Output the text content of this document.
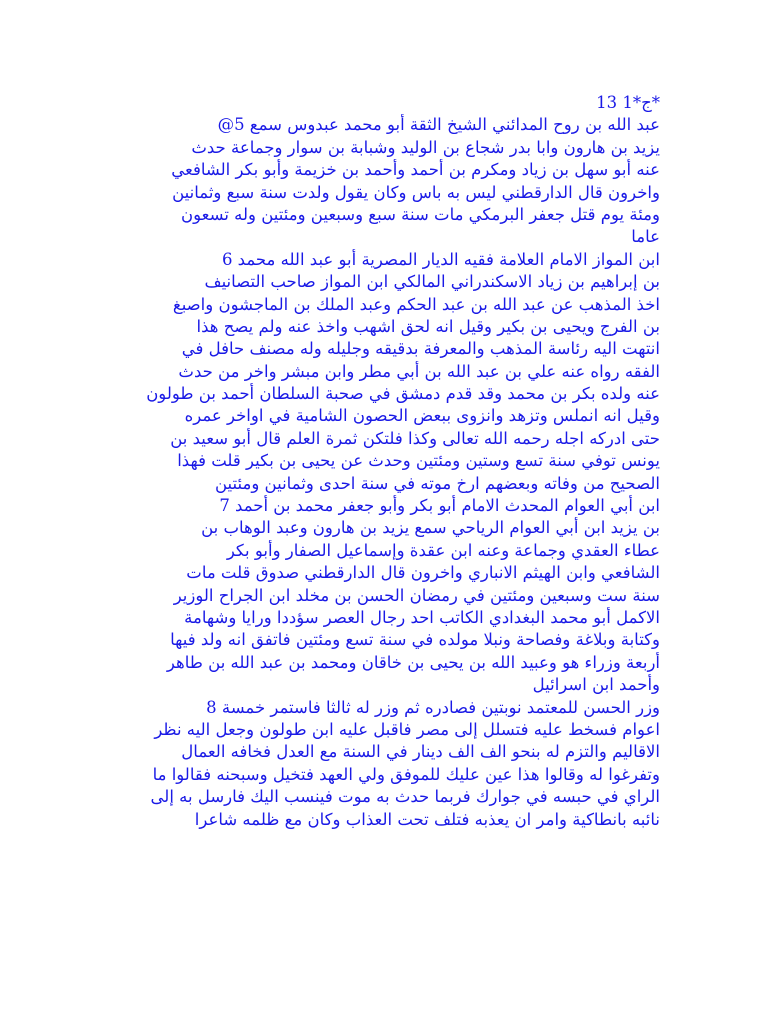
13 ج*1*
عبد الله بن روح المدائني الشيخ الثقة أبو محمد عبدوس سمع 5@
يزيد بن هارون وابا بدر شجاع بن الوليد وشبابة بن سوار وجماعة حدث
عنه أبو سهل بن زياد ومكرم بن أحمد وأحمد بن خزيمة وأبو بكر الشافعي
واخرون قال الدارقطني ليس به باس وكان يقول ولدت سنة سبع وثمانين
ومئة يوم قتل جعفر البرمكي مات سنة سبع وسبعين ومئتين وله تسعون
عاما
ابن المواز الامام العلامة فقيه الديار المصرية أبو عبد الله محمد 6
بن إبراهيم بن زياد الاسكندراني المالكي ابن المواز صاحب التصانيف
اخذ المذهب عن عبد الله بن عبد الحكم وعبد الملك بن الماجشون واصبغ
بن الفرج ويحيى بن بكير وقيل انه لحق اشهب واخذ عنه ولم يصح هذا
انتهت اليه رئاسة المذهب والمعرفة بدقيقه وجليله وله مصنف حافل في
الفقه رواه عنه علي بن عبد الله بن أبي مطر وابن مبشر واخر من حدث
عنه ولده بكر بن محمد وقد قدم دمشق في صحبة السلطان أحمد بن طولون
وقيل انه انملس وتزهد وانزوى ببعض الحصون الشامية في اواخر عمره
حتى ادركه اجله رحمه الله تعالى وكذا فلتكن ثمرة العلم قال أبو سعيد بن
يونس توفي سنة تسع وستين ومئتين وحدث عن يحيى بن بكير قلت فهذا
الصحيح من وفاته وبعضهم ارخ موته في سنة احدى وثمانين ومئتين
ابن أبي العوام المحدث الامام أبو بكر وأبو جعفر محمد بن أحمد 7
بن يزيد ابن أبي العوام الرياحي سمع يزيد بن هارون وعبد الوهاب بن
عطاء العقدي وجماعة وعنه ابن عقدة وإسماعيل الصفار وأبو بكر
الشافعي وابن الهيثم الانباري واخرون قال الدارقطني صدوق قلت مات
سنة ست وسبعين ومئتين في رمضان الحسن بن مخلد ابن الجراح الوزير
الاكمل أبو محمد البغدادي الكاتب احد رجال العصر سؤددا ورايا وشهامة
وكتابة وبلاغة وفصاحة ونبلا مولده في سنة تسع ومئتين فاتفق انه ولد فيها
أربعة وزراء هو وعبيد الله بن يحيى بن خاقان ومحمد بن عبد الله بن طاهر
وأحمد ابن اسرائيل
وزر الحسن للمعتمد نوبتين فصادره ثم وزر له ثالثا فاستمر خمسة 8
اعوام فسخط عليه فتسلل إلى مصر فاقبل عليه ابن طولون وجعل اليه نظر
الاقاليم والتزم له بنحو الف الف دينار في السنة مع العدل فخافه العمال
وتفرغوا له وقالوا هذا عين عليك للموفق ولي العهد فتخيل وسبحنه فقالوا ما
الراي في حبسه في جوارك فربما حدث به موت فينسب اليك فارسل به إلى
نائبه بانطاكية وامر ان يعذبه فتلف تحت العذاب وكان مع ظلمه شاعرا
